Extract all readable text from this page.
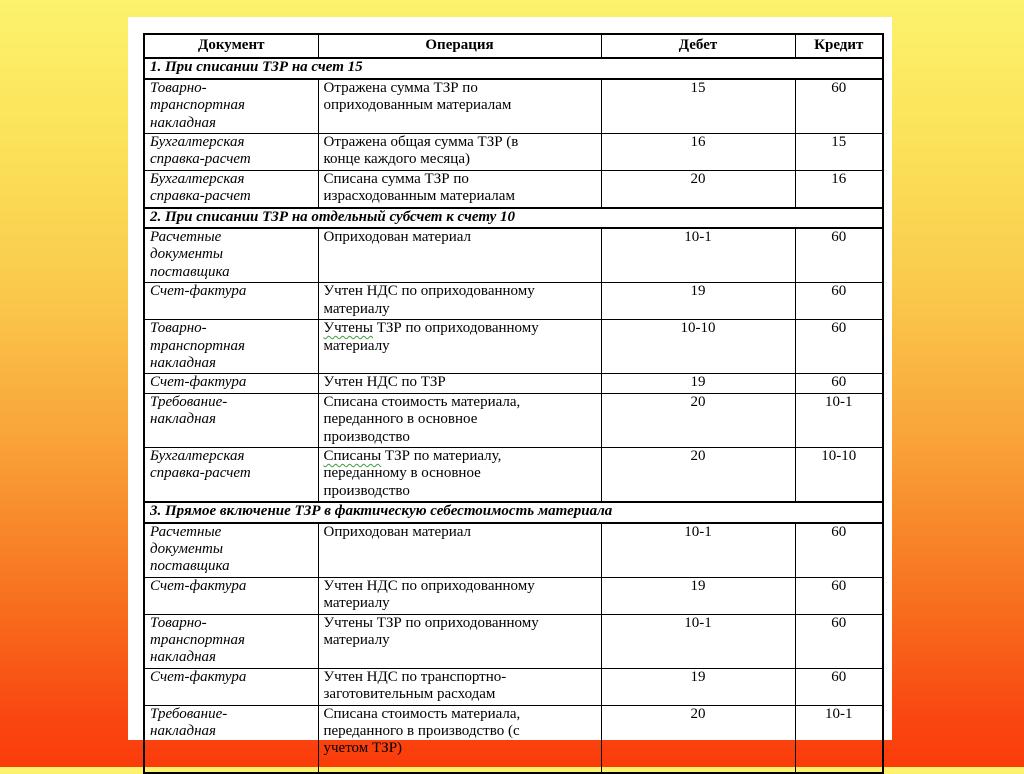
Документ	Операция	Дебет	Кредит
1. При списании ТЗР на счет 15			
Товарно-транспортная накладная	Отражена сумма ТЗР по оприходованным материалам	15	60
Бухгалтерская справка-расчет	Отражена общая сумма ТЗР (в конце каждого месяца)	16	15
Бухгалтерская справка-расчет	Списана сумма ТЗР по израсходованным материалам	20	16
2. При списании ТЗР на отдельный субсчет к счету 10			
Расчетные документы поставщика	Оприходован материал	10-1	60
Счет-фактура	Учтен НДС по оприходованному материалу	19	60
Товарно-транспортная накладная	Учтены ТЗР по оприходованному материалу	10-10	60
Счет-фактура	Учтен НДС по ТЗР	19	60
Требование-накладная	Списана стоимость материала, переданного в основное производство	20	10-1
Бухгалтерская справка-расчет	Списаны ТЗР по материалу, переданному в основное производство	20	10-10
3. Прямое включение ТЗР в фактическую себестоимость материала			
Расчетные документы поставщика	Оприходован материал	10-1	60
Счет-фактура	Учтен НДС по оприходованному материалу	19	60
Товарно-транспортная накладная	Учтены ТЗР по оприходованному материалу	10-1	60
Счет-фактура	Учтен НДС по транспортно-заготовительным расходам	19	60
Требование-накладная	Списана стоимость материала, переданного в производство (с учетом ТЗР)	20	10-1
